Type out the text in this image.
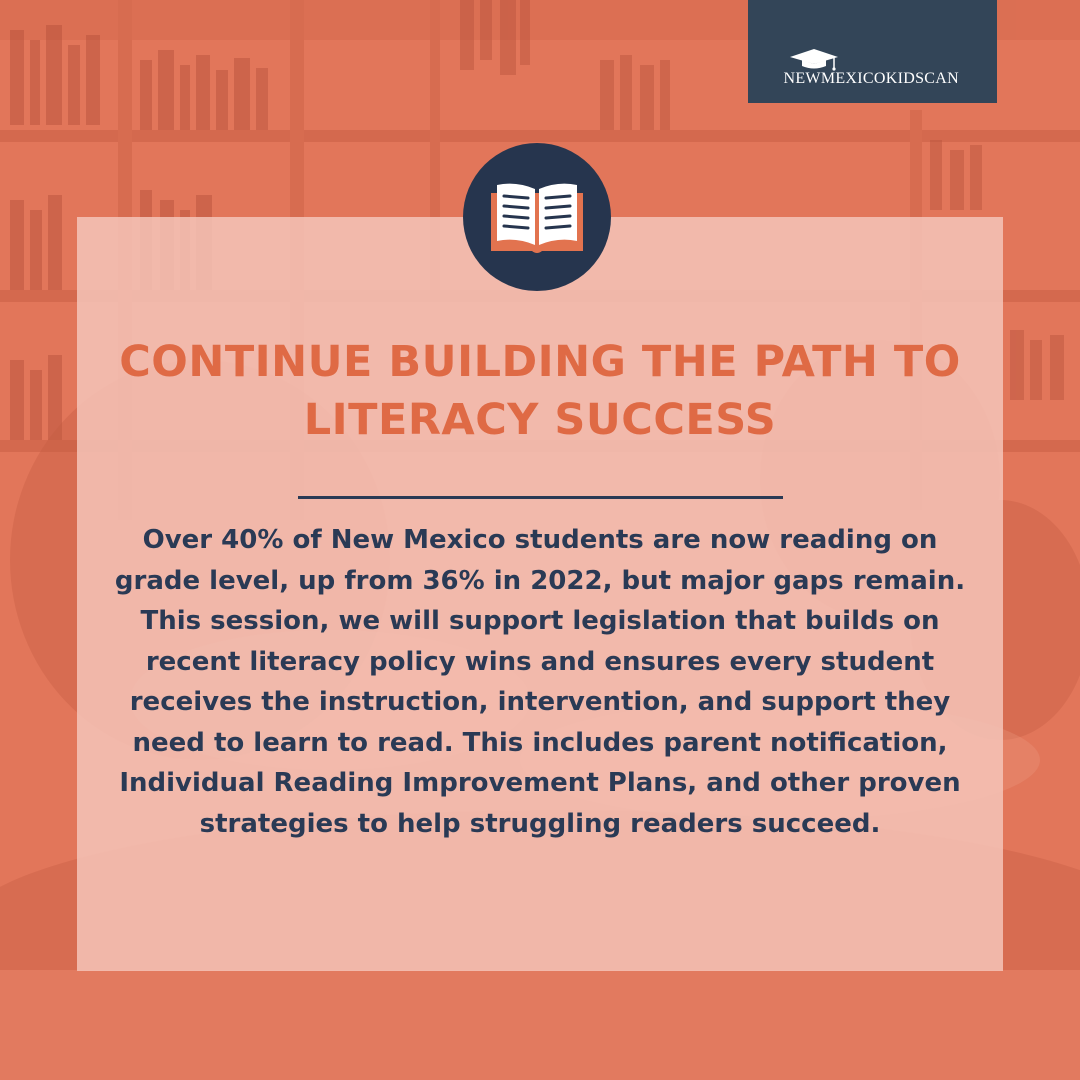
NEWMEXICOKIDSCAN
CONTINUE BUILDING THE PATH TO LITERACY SUCCESS

Over 40% of New Mexico students are now reading on grade level, up from 36% in 2022, but major gaps remain. This session, we will support legislation that builds on recent literacy policy wins and ensures every student receives the instruction, intervention, and support they need to learn to read. This includes parent notification, Individual Reading Improvement Plans, and other proven strategies to help struggling readers succeed.
